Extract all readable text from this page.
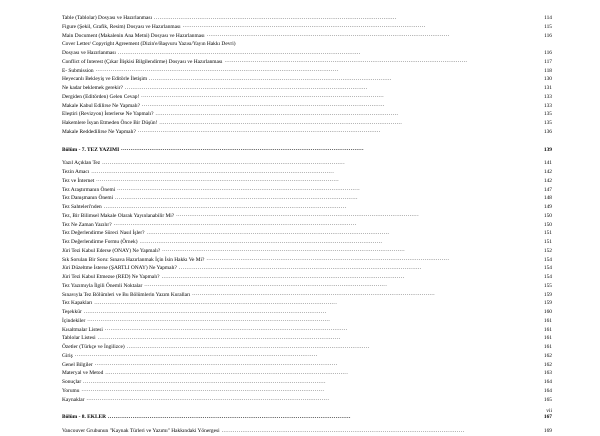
Table (Tablolar) Dosyası ve Hazırlanması ................................................................................................................................	114
Figure (Şekil, Grafik, Resim) Dosyası ve Hazırlanması ................................................................................................................................	115
Main Document (Makalenin Ana Metni) Dosyası ve Hazırlanması ................................................................................................................................	116
Cover Letter/ Copyright Agreement (Dizin'e/Başvuru Yazısı/Yayın Hakkı Devri)
Dosyası ve Hazırlanması ................................................................................................................................	116
Conflict of Interest (Çıkar İlişkisi Bilgilendirme) Dosyası ve Hazırlanması ................................................................................................................................	117
E- Submission ................................................................................................................................	118
Heyecanlı Bekleyiş ve Editörle İletişim ................................................................................................................................	130
Ne kadar beklemek gerekir? ................................................................................................................................	131
Dergiden (Editörden) Gelen Cevap! ................................................................................................................................	133
Makale Kabul Edilirse Ne Yapmalı? ................................................................................................................................	133
Eleştiri (Revizyon) İsterlerse Ne Yapmalı? ................................................................................................................................	135
Hakemlere İsyan Etmeden Önce Bir Düşün! ................................................................................................................................	135
Makale Reddedilirse Ne Yapmalı? ................................................................................................................................	136
Bölüm - 7. TEZ YAZIMI ................................................................................................................................	139
Yazıl Açıklan Tez ................................................................................................................................	141
Tezin Amacı ................................................................................................................................	142
Tez ve İnternet ................................................................................................................................	142
Tez Araştırmanın Önemi ................................................................................................................................	147
Tez Danışmanın Önemi ................................................................................................................................	148
Tez Sahteleri'nden ................................................................................................................................	149
Tez, Bir Bilimsel Makale Olarak Yayınlanabilir Mi? ................................................................................................................................	150
Tez Ne Zaman Yazılır? ................................................................................................................................	150
Tez Değerlendirme Süreci Nasıl İşler? ................................................................................................................................	151
Tez Değerlendirme Formu (Örnek) ................................................................................................................................	151
Jüri Tezi Kabul Ederse (ONAY) Ne Yapmalı? ................................................................................................................................	152
Sık Sorulan Bir Soru: Sınava Hazırlanmak İçin İsin Hakkı Ve Mi? ................................................................................................................................	154
Jüri Düzeltme İsterse (ŞARTLI ONAY) Ne Yapmalı? ................................................................................................................................	154
Jüri Tezi Kabul Etmezse (RED) Ne Yapmalı? ................................................................................................................................	154
Tez Yazımıyla İlgili Önemli Noktalar ................................................................................................................................	155
Sınavıyla Tez Bölümleri ve Bu Bölümlerin Yazım Kuralları ................................................................................................................................	159
Tez Kapakları ................................................................................................................................	159
Teşekkür ................................................................................................................................	160
İçindekiler ................................................................................................................................	161
Kısaltmalar Listesi ................................................................................................................................	161
Tablolar Listesi ................................................................................................................................	161
Özetler (Türkçe ve İngilizce) ................................................................................................................................	161
Giriş ................................................................................................................................	162
Genel Bilgiler ................................................................................................................................	162
Materyal ve Metod ................................................................................................................................	163
Sonuçlar ................................................................................................................................	164
Yorumu ................................................................................................................................	164
Kaynaklar ................................................................................................................................	165
Bölüm - 8. EKLER ................................................................................................................................	167
Vancouver Grubunun "Kaynak Türleri ve Yazımı" Hakkındaki Yönergesi ................................................................................................................................	169
vii
